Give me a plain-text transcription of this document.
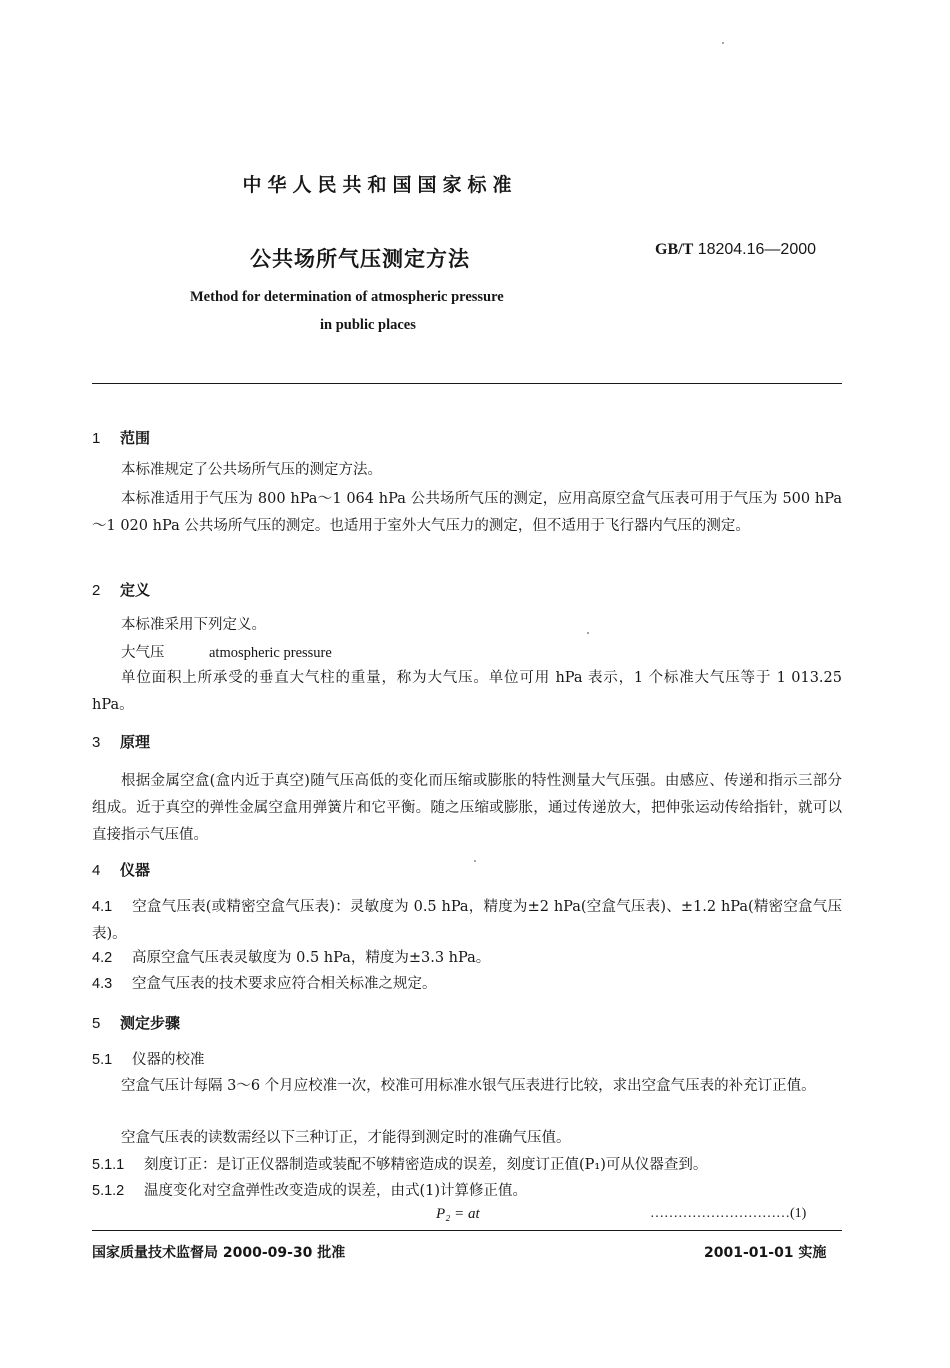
中华人民共和国国家标准
公共场所气压测定方法	GB/T 18204.16—2000
Method for determination of atmospheric pressure
in public places
1 范围
本标准规定了公共场所气压的测定方法。
本标准适用于气压为 800 hPa～1 064 hPa 公共场所气压的测定，应用高原空盒气压表可用于气压为 500 hPa～1 020 hPa 公共场所气压的测定。也适用于室外大气压力的测定，但不适用于飞行器内气压的测定。
2 定义
本标准采用下列定义。
大气压	atmospheric pressure
单位面积上所承受的垂直大气柱的重量，称为大气压。单位可用 hPa 表示，1 个标准大气压等于 1 013.25 hPa。
3 原理
根据金属空盒(盒内近于真空)随气压高低的变化而压缩或膨胀的特性测量大气压强。由感应、传递和指示三部分组成。近于真空的弹性金属空盒用弹簧片和它平衡。随之压缩或膨胀，通过传递放大，把伸张运动传给指针，就可以直接指示气压值。
4 仪器
4.1 空盒气压表(或精密空盒气压表)：灵敏度为 0.5 hPa，精度为±2 hPa(空盒气压表)、±1.2 hPa(精密空盒气压表)。
4.2 高原空盒气压表灵敏度为 0.5 hPa，精度为±3.3 hPa。
4.3 空盒气压表的技术要求应符合相关标准之规定。
5 测定步骤
5.1 仪器的校准
空盒气压计每隔 3～6 个月应校准一次，校准可用标准水银气压表进行比较，求出空盒气压表的补充订正值。
空盒气压表的读数需经以下三种订正，才能得到测定时的准确气压值。
5.1.1 刻度订正：是订正仪器制造或装配不够精密造成的误差，刻度订正值(P₁)可从仪器查到。
5.1.2 温度变化对空盒弹性改变造成的误差，由式(1)计算修正值。
P₂ = at	…………………………(1)
国家质量技术监督局 2000-09-30 批准	2001-01-01 实施
